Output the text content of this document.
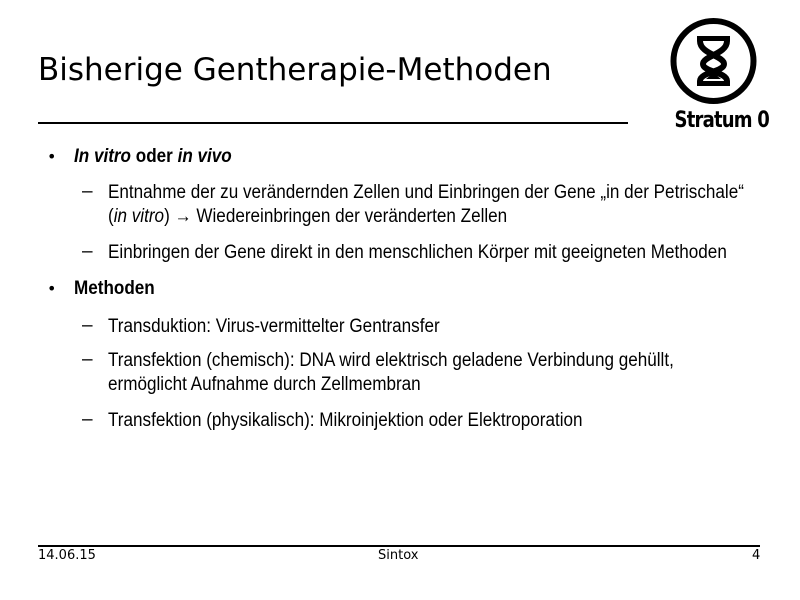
Bisherige Gentherapie-Methoden
Stratum 0
• In vitro oder in vivo
– Entnahme der zu verändernden Zellen und Einbringen der Gene „in der Petrischale“
(in vitro) → Wiedereinbringen der veränderten Zellen
– Einbringen der Gene direkt in den menschlichen Körper mit geeigneten Methoden
• Methoden
– Transduktion: Virus-vermittelter Gentransfer
– Transfektion (chemisch): DNA wird elektrisch geladene Verbindung gehüllt,
ermöglicht Aufnahme durch Zellmembran
– Transfektion (physikalisch): Mikroinjektion oder Elektroporation
14.06.15	Sintox	4
